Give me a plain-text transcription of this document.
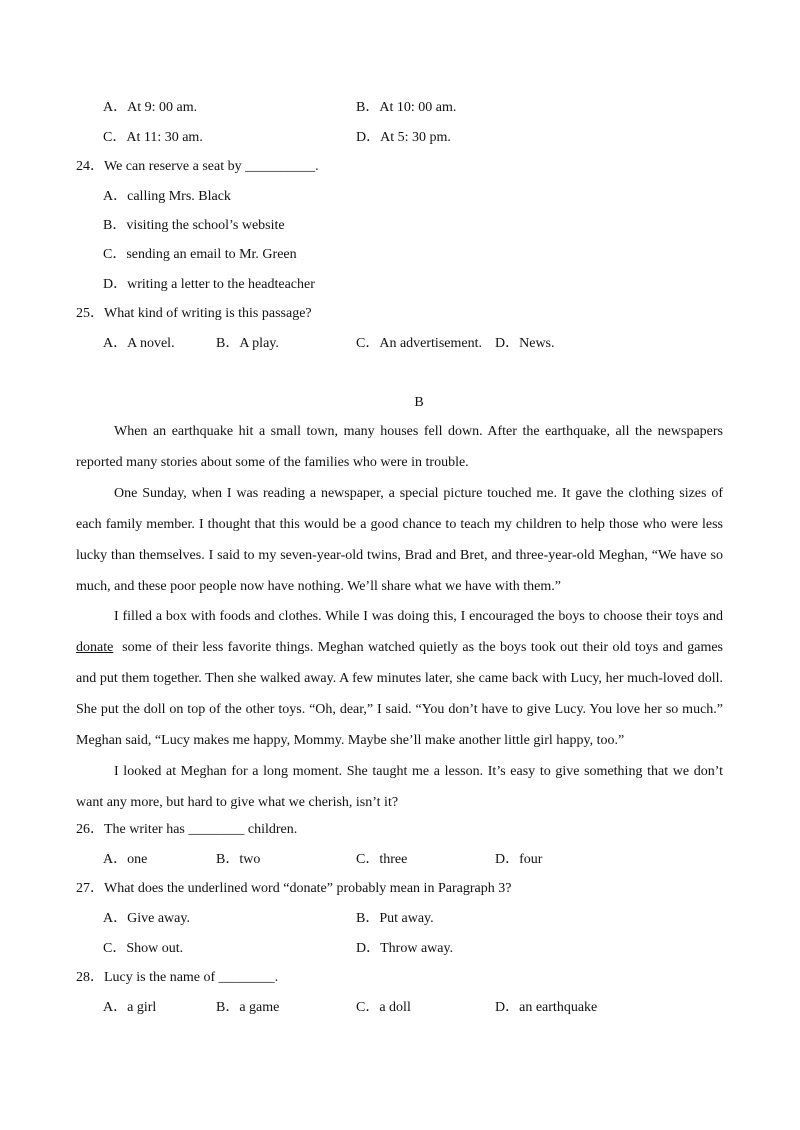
A．At 9: 00 am.	B．At 10: 00 am.
C．At 11: 30 am.	D．At 5: 30 pm.
24．We can reserve a seat by __________.
A．calling Mrs. Black
B．visiting the school’s website
C．sending an email to Mr. Green
D．writing a letter to the headteacher
25．What kind of writing is this passage?
A．A novel.	B．A play.	C．An advertisement. D．News.
B

When an earthquake hit a small town, many houses fell down. After the earthquake, all the newspapers reported many stories about some of the families who were in trouble.

One Sunday, when I was reading a newspaper, a special picture touched me. It gave the clothing sizes of each family member. I thought that this would be a good chance to teach my children to help those who were less lucky than themselves. I said to my seven-year-old twins, Brad and Bret, and three-year-old Meghan, “We have so much, and these poor people now have nothing. We’ll share what we have with them.”

I filled a box with foods and clothes. While I was doing this, I encouraged the boys to choose their toys and donate some of their less favorite things. Meghan watched quietly as the boys took out their old toys and games and put them together. Then she walked away. A few minutes later, she came back with Lucy, her much-loved doll. She put the doll on top of the other toys. “Oh, dear,” I said. “You don’t have to give Lucy. You love her so much.” Meghan said, “Lucy makes me happy, Mommy. Maybe she’ll make another little girl happy, too.”

I looked at Meghan for a long moment. She taught me a lesson. It’s easy to give something that we don’t want any more, but hard to give what we cherish, isn’t it?

26．The writer has ________ children.
A．one	B．two	C．three	D．four
27．What does the underlined word “donate” probably mean in Paragraph 3?
A．Give away.	B．Put away.
C．Show out.	D．Throw away.
28．Lucy is the name of ________.
A．a girl	B．a game	C．a doll	D．an earthquake
